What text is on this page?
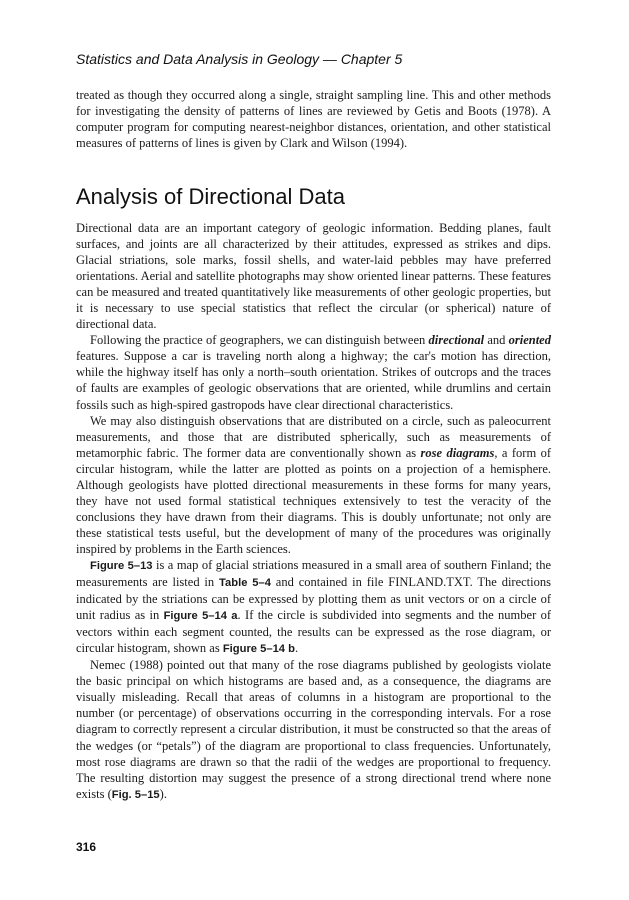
Statistics and Data Analysis in Geology — Chapter 5

treated as though they occurred along a single, straight sampling line. This and other methods for investigating the density of patterns of lines are reviewed by Getis and Boots (1978). A computer program for computing nearest-neighbor distances, orientation, and other statistical measures of patterns of lines is given by Clark and Wilson (1994).

Analysis of Directional Data

Directional data are an important category of geologic information. Bedding planes, fault surfaces, and joints are all characterized by their attitudes, expressed as strikes and dips. Glacial striations, sole marks, fossil shells, and water-laid pebbles may have preferred orientations. Aerial and satellite photographs may show oriented linear patterns. These features can be measured and treated quantitatively like measurements of other geologic properties, but it is necessary to use special statistics that reflect the circular (or spherical) nature of directional data.

Following the practice of geographers, we can distinguish between directional and oriented features. Suppose a car is traveling north along a highway; the car's motion has direction, while the highway itself has only a north–south orientation. Strikes of outcrops and the traces of faults are examples of geologic observations that are oriented, while drumlins and certain fossils such as high-spired gastropods have clear directional characteristics.

We may also distinguish observations that are distributed on a circle, such as paleocurrent measurements, and those that are distributed spherically, such as measurements of metamorphic fabric. The former data are conventionally shown as rose diagrams, a form of circular histogram, while the latter are plotted as points on a projection of a hemisphere. Although geologists have plotted directional measurements in these forms for many years, they have not used formal statistical techniques extensively to test the veracity of the conclusions they have drawn from their diagrams. This is doubly unfortunate; not only are these statistical tests useful, but the development of many of the procedures was originally inspired by problems in the Earth sciences.

Figure 5–13 is a map of glacial striations measured in a small area of southern Finland; the measurements are listed in Table 5–4 and contained in file FINLAND.TXT. The directions indicated by the striations can be expressed by plotting them as unit vectors or on a circle of unit radius as in Figure 5–14 a. If the circle is subdivided into segments and the number of vectors within each segment counted, the results can be expressed as the rose diagram, or circular histogram, shown as Figure 5–14 b.

Nemec (1988) pointed out that many of the rose diagrams published by geologists violate the basic principal on which histograms are based and, as a consequence, the diagrams are visually misleading. Recall that areas of columns in a histogram are proportional to the number (or percentage) of observations occurring in the corresponding intervals. For a rose diagram to correctly represent a circular distribution, it must be constructed so that the areas of the wedges (or “petals”) of the diagram are proportional to class frequencies. Unfortunately, most rose diagrams are drawn so that the radii of the wedges are proportional to frequency. The resulting distortion may suggest the presence of a strong directional trend where none exists (Fig. 5–15).

316
